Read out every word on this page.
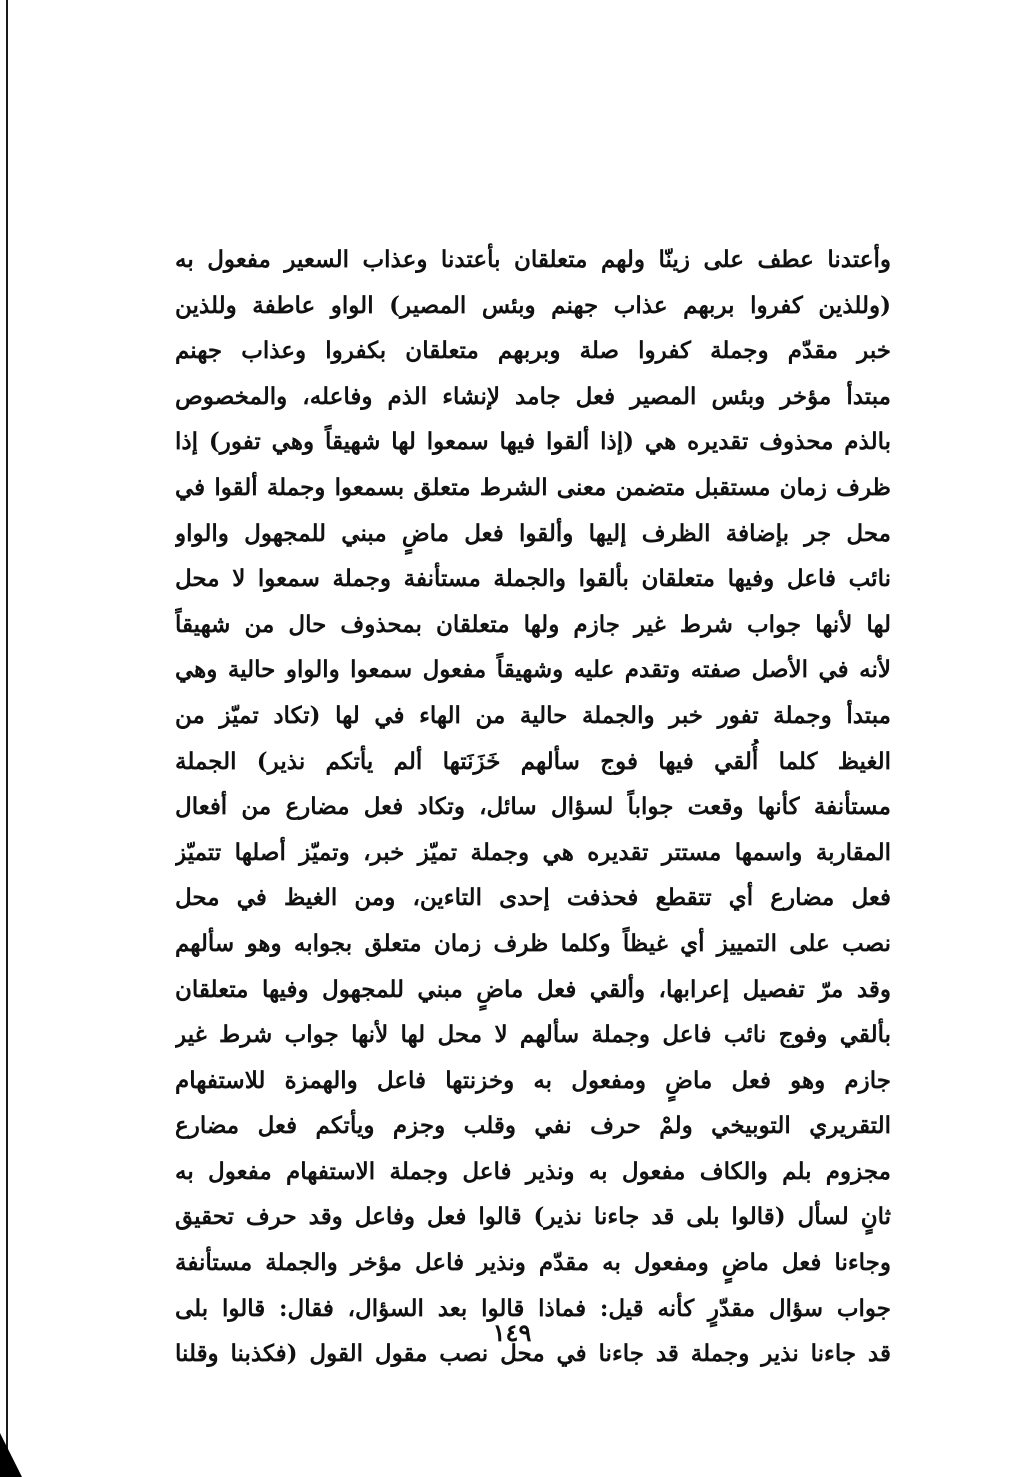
وأعتدنا عطف على زينّا ولهم متعلقان بأعتدنا وعذاب السعير مفعول به
(وللذين كفروا بربهم عذاب جهنم وبئس المصير) الواو عاطفة وللذين
خبر مقدّم وجملة كفروا صلة وبربهم متعلقان بكفروا وعذاب جهنم
مبتدأ مؤخر وبئس المصير فعل جامد لإنشاء الذم وفاعله، والمخصوص
بالذم محذوف تقديره هي (إذا ألقوا فيها سمعوا لها شهيقاً وهي تفور) إذا
ظرف زمان مستقبل متضمن معنى الشرط متعلق بسمعوا وجملة ألقوا في
محل جر بإضافة الظرف إليها وألقوا فعل ماضٍ مبني للمجهول والواو
نائب فاعل وفيها متعلقان بألقوا والجملة مستأنفة وجملة سمعوا لا محل
لها لأنها جواب شرط غير جازم ولها متعلقان بمحذوف حال من شهيقاً
لأنه في الأصل صفته وتقدم عليه وشهيقاً مفعول سمعوا والواو حالية وهي
مبتدأ وجملة تفور خبر والجملة حالية من الهاء في لها (تكاد تميّز من
الغيظ كلما أُلقي فيها فوج سألهم خَزَنَتها ألم يأتكم نذير) الجملة
مستأنفة كأنها وقعت جواباً لسؤال سائل، وتكاد فعل مضارع من أفعال
المقاربة واسمها مستتر تقديره هي وجملة تميّز خبر، وتميّز أصلها تتميّز
فعل مضارع أي تتقطع فحذفت إحدى التاءين، ومن الغيظ في محل
نصب على التمييز أي غيظاً وكلما ظرف زمان متعلق بجوابه وهو سألهم
وقد مرّ تفصيل إعرابها، وألقي فعل ماضٍ مبني للمجهول وفيها متعلقان
بألقي وفوج نائب فاعل وجملة سألهم لا محل لها لأنها جواب شرط غير
جازم وهو فعل ماضٍ ومفعول به وخزنتها فاعل والهمزة للاستفهام
التقريري التوبيخي ولمْ حرف نفي وقلب وجزم ويأتكم فعل مضارع
مجزوم بلم والكاف مفعول به ونذير فاعل وجملة الاستفهام مفعول به
ثانٍ لسأل (قالوا بلى قد جاءنا نذير) قالوا فعل وفاعل وقد حرف تحقيق
وجاءنا فعل ماضٍ ومفعول به مقدّم ونذير فاعل مؤخر والجملة مستأنفة
جواب سؤال مقدّرٍ كأنه قيل: فماذا قالوا بعد السؤال، فقال: قالوا بلى
قد جاءنا نذير وجملة قد جاءنا في محل نصب مقول القول (فكذبنا وقلنا
١٤٩
